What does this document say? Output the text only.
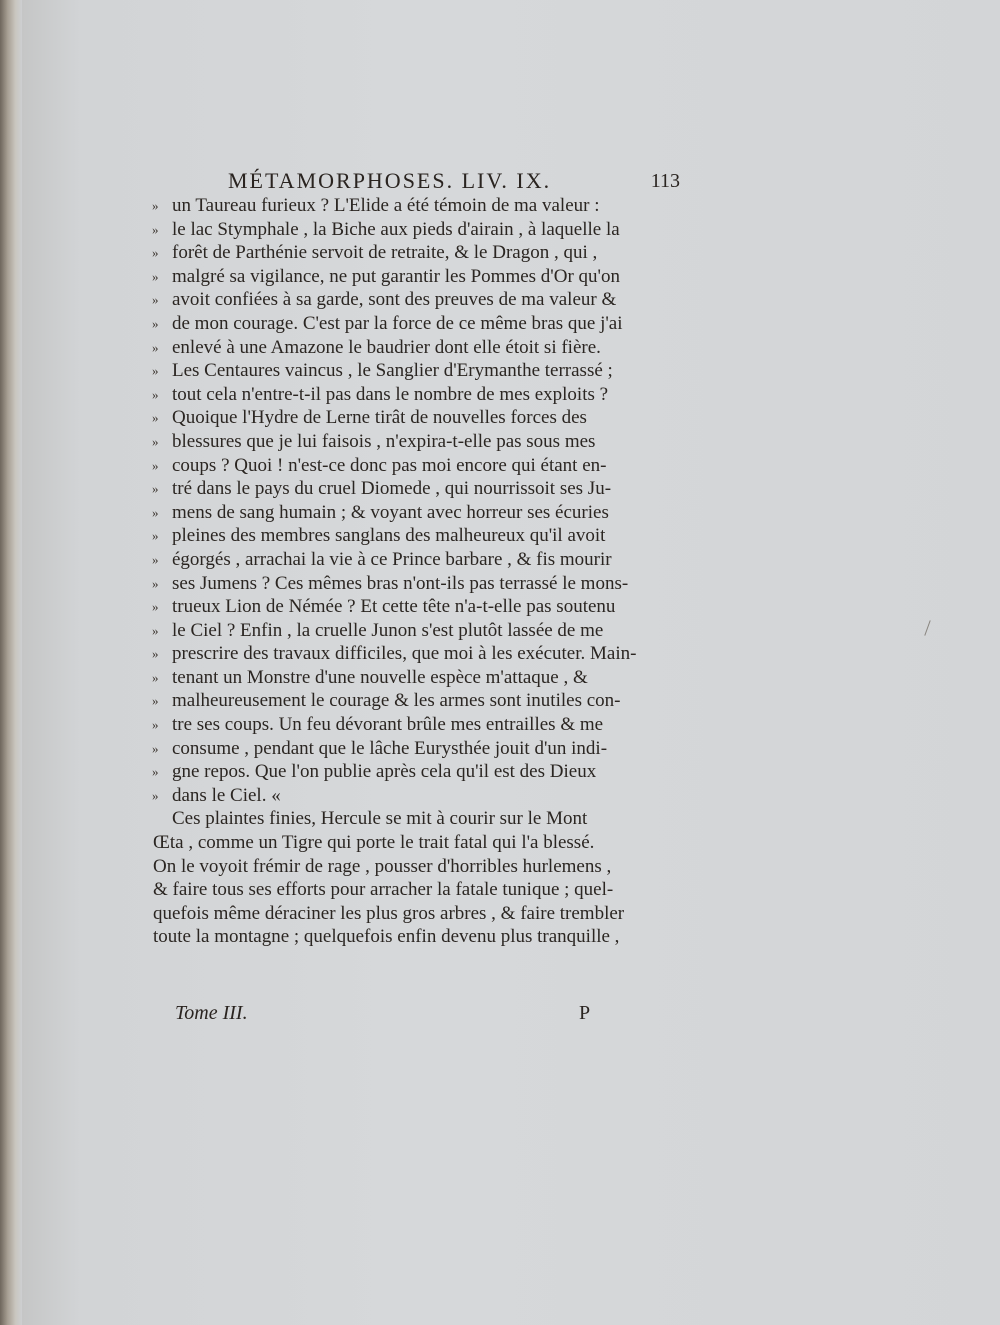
MÉTAMORPHOSES. LIV. IX.	113
» un Taureau furieux ? L'Elide a été témoin de ma valeur :
» le lac Stymphale , la Biche aux pieds d'airain , à laquelle la
» forêt de Parthénie servoit de retraite, & le Dragon , qui ,
» malgré sa vigilance, ne put garantir les Pommes d'Or qu'on
» avoit confiées à sa garde, sont des preuves de ma valeur &
» de mon courage. C'est par la force de ce même bras que j'ai
» enlevé à une Amazone le baudrier dont elle étoit si fière.
» Les Centaures vaincus , le Sanglier d'Erymanthe terrassé ;
» tout cela n'entre-t-il pas dans le nombre de mes exploits ?
» Quoique l'Hydre de Lerne tirât de nouvelles forces des
» blessures que je lui faisois , n'expira-t-elle pas sous mes
» coups ? Quoi ! n'est-ce donc pas moi encore qui étant en-
» tré dans le pays du cruel Diomede , qui nourrissoit ses Ju-
» mens de sang humain ; & voyant avec horreur ses écuries
» pleines des membres sanglans des malheureux qu'il avoit
» égorgés , arrachai la vie à ce Prince barbare , & fis mourir
» ses Jumens ? Ces mêmes bras n'ont-ils pas terrassé le mons-
» trueux Lion de Némée ? Et cette tête n'a-t-elle pas soutenu
» le Ciel ? Enfin , la cruelle Junon s'est plutôt lassée de me
» prescrire des travaux difficiles, que moi à les exécuter. Main-
» tenant un Monstre d'une nouvelle espèce m'attaque , &
» malheureusement le courage & les armes sont inutiles con-
» tre ses coups. Un feu dévorant brûle mes entrailles & me
» consume , pendant que le lâche Eurysthée jouit d'un indi-
» gne repos. Que l'on publie après cela qu'il est des Dieux
» dans le Ciel. «
Ces plaintes finies, Hercule se mit à courir sur le Mont
Œta , comme un Tigre qui porte le trait fatal qui l'a blessé.
On le voyoit frémir de rage , pousser d'horribles hurlemens ,
& faire tous ses efforts pour arracher la fatale tunique ; quel-
quefois même déraciner les plus gros arbres , & faire trembler
toute la montagne ; quelquefois enfin devenu plus tranquille ,
Tome III.	P
